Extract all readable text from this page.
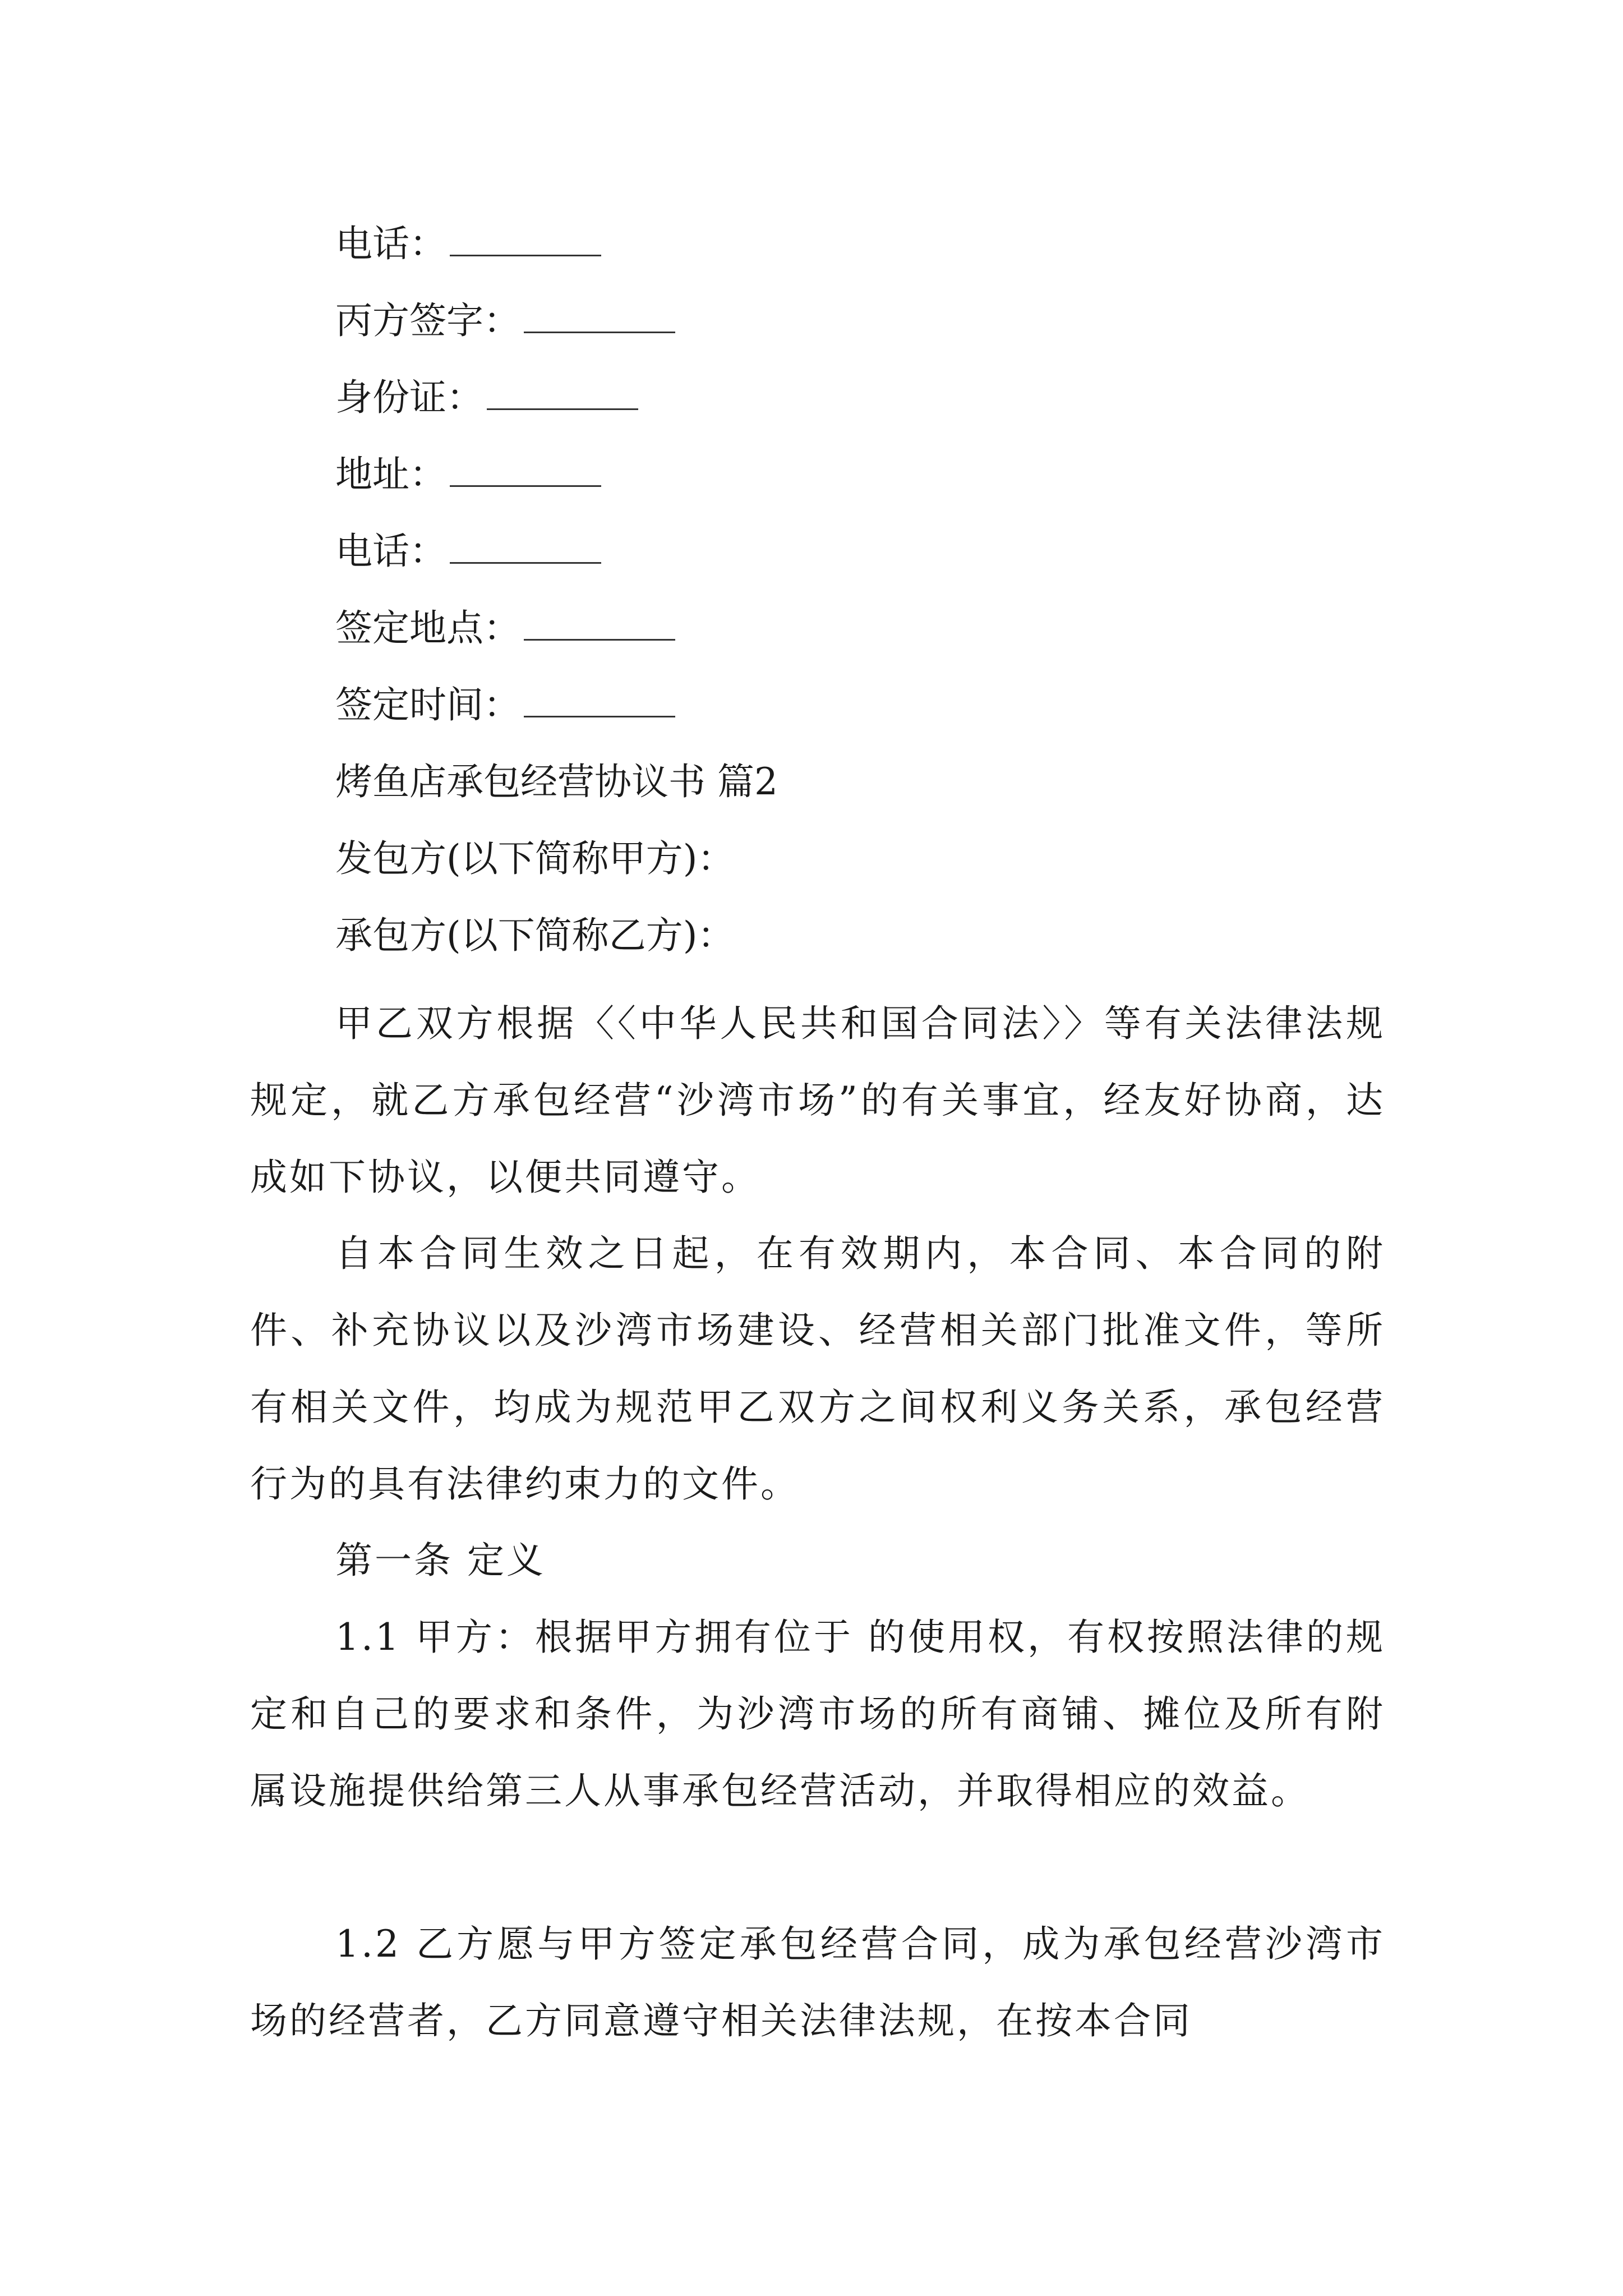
电话：
丙方签字：
身份证：
地址：
电话：
签定地点：
签定时间：
烤鱼店承包经营协议书 篇2
发包方(以下简称甲方)：
承包方(以下简称乙方)：

甲乙双方根据〈〈中华人民共和国合同法〉〉等有关法律法规规定，就乙方承包经营“沙湾市场”的有关事宜，经友好协商，达成如下协议，以便共同遵守。

自本合同生效之日起，在有效期内，本合同、本合同的附件、补充协议以及沙湾市场建设、经营相关部门批准文件，等所有相关文件，均成为规范甲乙双方之间权利义务关系，承包经营行为的具有法律约束力的文件。

第一条 定义

1.1 甲方：根据甲方拥有位于 的使用权，有权按照法律的规定和自己的要求和条件，为沙湾市场的所有商铺、摊位及所有附属设施提供给第三人从事承包经营活动，并取得相应的效益。

1.2 乙方愿与甲方签定承包经营合同，成为承包经营沙湾市场的经营者，乙方同意遵守相关法律法规，在按本合同
